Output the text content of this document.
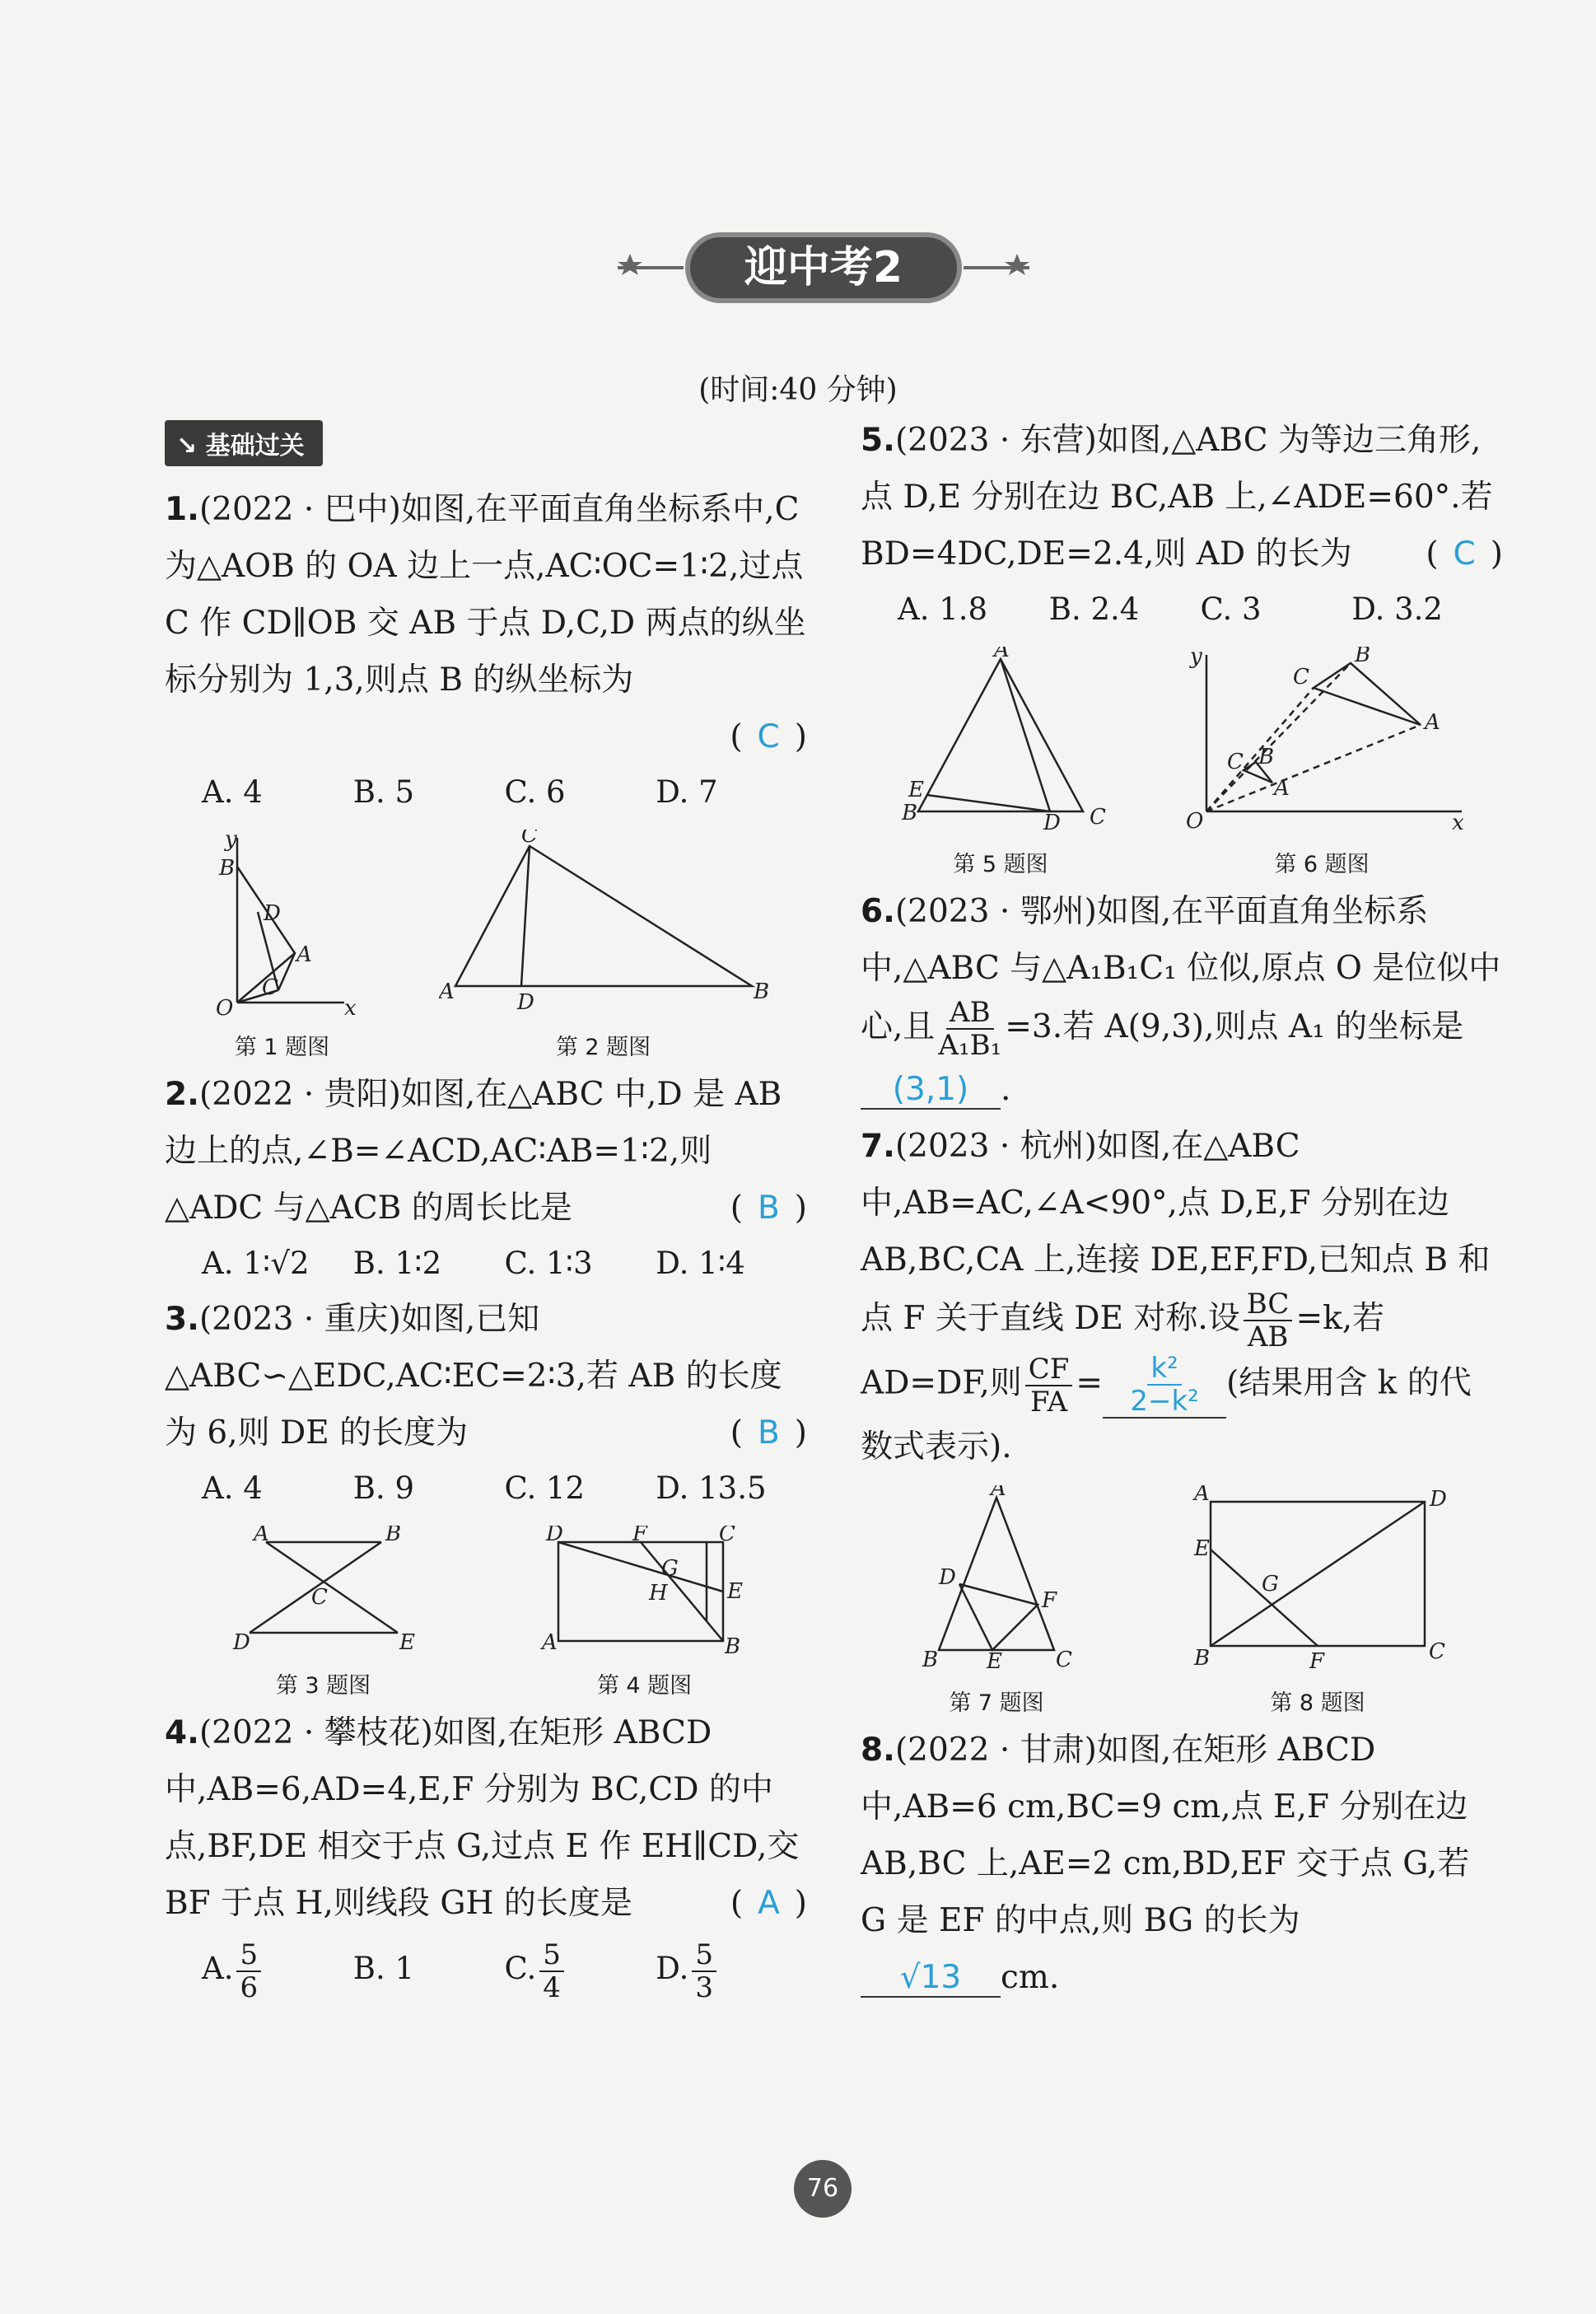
迎中考2
(时间:40 分钟)
↘ 基础过关
1.(2022 · 巴中)如图,在平面直角坐标系中,C 为△AOB 的 OA 边上一点,AC∶OC=1∶2,过点 C 作 CD∥OB 交 AB 于点 D,C,D 两点的纵坐标分别为 1,3,则点 B 的纵坐标为
( C )
A. 4	B. 5	C. 6	D. 7
B
D
A
C
O	x
y
第 1 题图
A	D	B
C
第 2 题图
2.(2022 · 贵阳)如图,在△ABC 中,D 是 AB 边上的点,∠B=∠ACD,AC∶AB=1∶2,则△ADC 与△ACB 的周长比是	( B )
A. 1∶√2	B. 1∶2	C. 1∶3	D. 1∶4
3.(2023 · 重庆)如图,已知△ABC∽△EDC,AC∶EC=2∶3,若 AB 的长度为 6,则 DE 的长度为	( B )
A. 4	B. 9	C. 12	D. 13.5
A	B
C
D	E
第 3 题图
D	F	C
G
H	E
A	B
第 4 题图
4.(2022 · 攀枝花)如图,在矩形 ABCD 中,AB=6,AD=4,E,F 分别为 BC,CD 的中点,BF,DE 相交于点 G,过点 E 作 EH∥CD,交 BF 于点 H,则线段 GH 的长度是	( A )
A. $\frac{5}{6}$	B. 1	C. $\frac{5}{4}$	D. $\frac{5}{3}$
5.(2023 · 东营)如图,△ABC 为等边三角形,点 D,E 分别在边 BC,AB 上,∠ADE=60°.若 BD=4DC,DE=2.4,则 AD 的长为 ( C )
A. 1.8	B. 2.4	C. 3	D. 3.2
A
B	C
D
E
第 5 题图
C
B
A
C B
A
O	x
y
第 6 题图
6.(2023 · 鄂州)如图,在平面直角坐标系中,△ABC 与△A₁B₁C₁ 位似,原点 O 是位似中心,且 $\frac{AB}{\text{A₁B₁}} =3$.若 A(9,3),则点 A₁ 的坐标是(3,1) .
7.(2023 · 杭州)如图,在△ABC 中,AB=AC,∠A<90°,点 D,E,F 分别在边 AB,BC,CA 上,连接 DE,EF,FD,已知点 B 和点 F 关于直线 DE 对称.设 $\frac{BC}{AB} =k$,若 AD=DF,则 $\frac{CF}{FA} = \frac{\text{k²}}{\text{2−k²}}$ (结果用含 k 的代数式表示).
A
B	C
D
E
F
第 7 题图
A	D
E
G
B	F	C
第 8 题图
8.(2022 · 甘肃)如图,在矩形 ABCD 中,AB=6 cm,BC=9 cm,点 E,F 分别在边 AB,BC 上,AE=2 cm,BD,EF 交于点 G,若 G 是 EF 的中点,则 BG 的长为
√13 cm.
76
